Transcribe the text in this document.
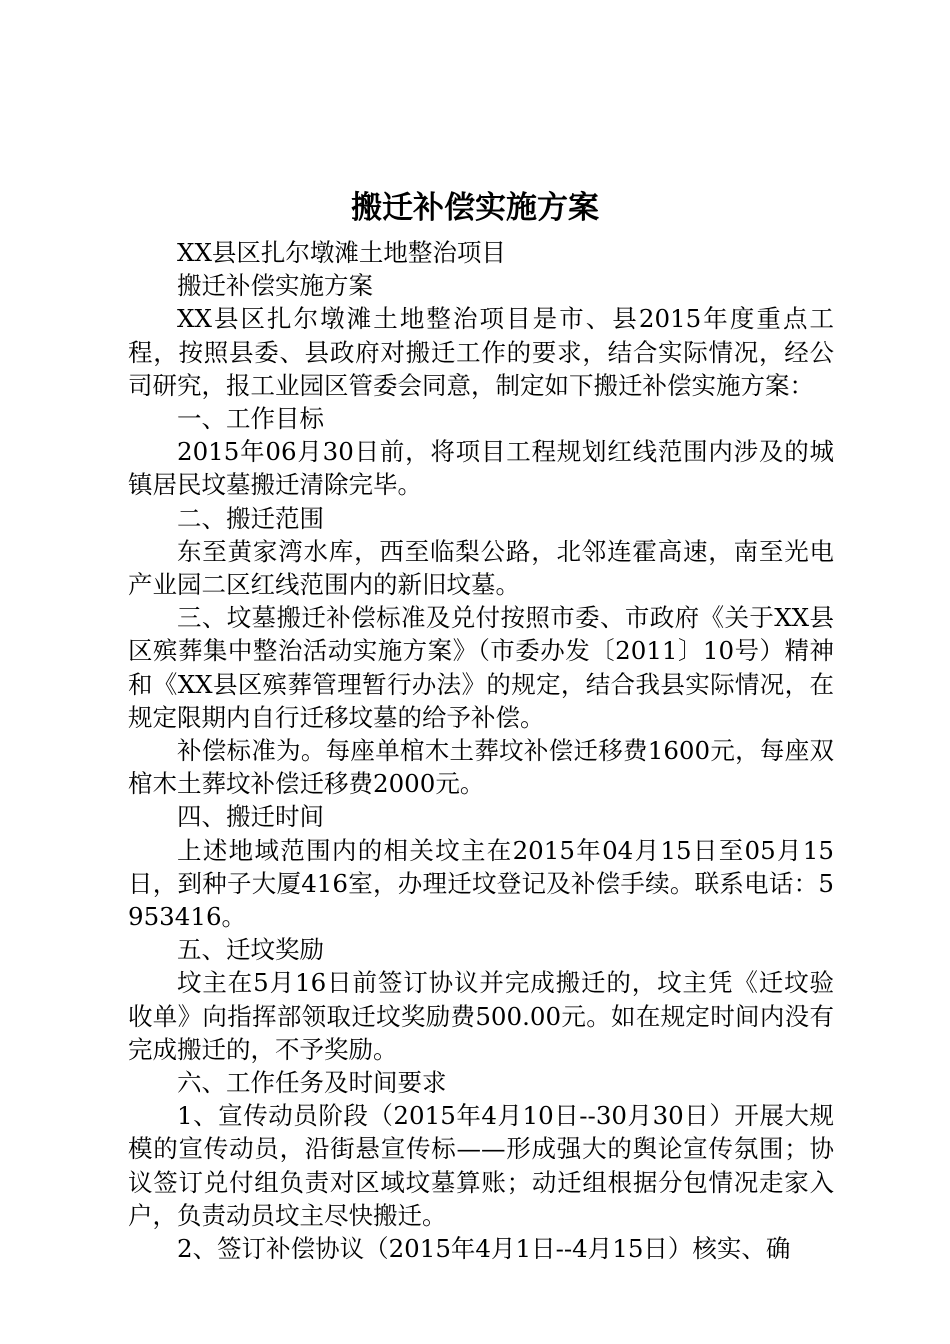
搬迁补偿实施方案

XX县区扎尔墩滩土地整治项目

搬迁补偿实施方案

XX县区扎尔墩滩土地整治项目是市、县2015年度重点工程，按照县委、县政府对搬迁工作的要求，结合实际情况，经公司研究，报工业园区管委会同意，制定如下搬迁补偿实施方案：

一、工作目标

2015年06月30日前，将项目工程规划红线范围内涉及的城镇居民坟墓搬迁清除完毕。

二、搬迁范围

东至黄家湾水库，西至临梨公路，北邻连霍高速，南至光电产业园二区红线范围内的新旧坟墓。

三、坟墓搬迁补偿标准及兑付按照市委、市政府《关于XX县区殡葬集中整治活动实施方案》（市委办发〔2011〕10号）精神和《XX县区殡葬管理暂行办法》的规定，结合我县实际情况，在规定限期内自行迁移坟墓的给予补偿。

补偿标准为。每座单棺木土葬坟补偿迁移费1600元，每座双棺木土葬坟补偿迁移费2000元。

四、搬迁时间

上述地域范围内的相关坟主在2015年04月15日至05月15日，到种子大厦416室，办理迁坟登记及补偿手续。联系电话：5953416。

五、迁坟奖励

坟主在5月16日前签订协议并完成搬迁的，坟主凭《迁坟验收单》向指挥部领取迁坟奖励费500.00元。如在规定时间内没有完成搬迁的，不予奖励。

六、工作任务及时间要求

1、宣传动员阶段（2015年4月10日--30月30日）开展大规模的宣传动员，沿街悬宣传标——形成强大的舆论宣传氛围；协议签订兑付组负责对区域坟墓算账；动迁组根据分包情况走家入户，负责动员坟主尽快搬迁。

2、签订补偿协议（2015年4月1日--4月15日）核实、确
